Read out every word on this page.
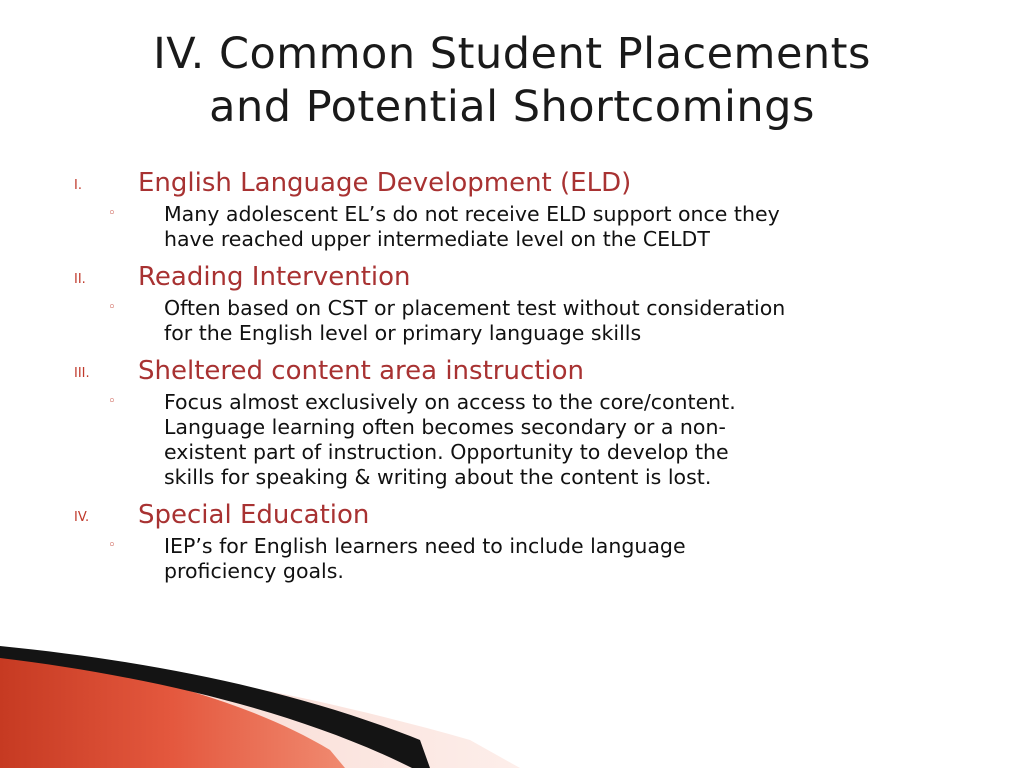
IV. Common Student Placements
and Potential Shortcomings
I. English Language Development (ELD)
◦ Many adolescent EL’s do not receive ELD support once they
have reached upper intermediate level on the CELDT
II. Reading Intervention
◦ Often based on CST or placement test without consideration
for the English level or primary language skills
III. Sheltered content area instruction
◦ Focus almost exclusively on access to the core/content.
Language learning often becomes secondary or a non-
existent part of instruction. Opportunity to develop the
skills for speaking & writing about the content is lost.
IV. Special Education
◦ IEP’s for English learners need to include language
proficiency goals.
